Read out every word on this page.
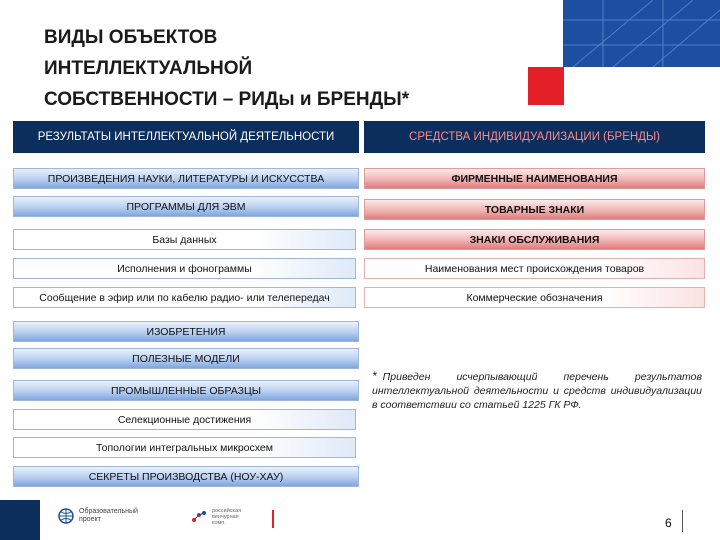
ВИДЫ ОБЪЕКТОВ
ИНТЕЛЛЕКТУАЛЬНОЙ
СОБСТВЕННОСТИ – РИДы и БРЕНДЫ*
РЕЗУЛЬТАТЫ ИНТЕЛЛЕКТУАЛЬНОЙ ДЕЯТЕЛЬНОСТИ	СРЕДСТВА ИНДИВИДУАЛИЗАЦИИ (БРЕНДЫ)
ПРОИЗВЕДЕНИЯ НАУКИ, ЛИТЕРАТУРЫ И ИСКУССТВА
ПРОГРАММЫ ДЛЯ ЭВМ
Базы данных
Исполнения и фонограммы
Сообщение в эфир или по кабелю радио- или телепередач
ИЗОБРЕТЕНИЯ
ПОЛЕЗНЫЕ МОДЕЛИ
ПРОМЫШЛЕННЫЕ ОБРАЗЦЫ
Селекционные достижения
Топологии интегральных микросхем
СЕКРЕТЫ ПРОИЗВОДСТВА (НОУ-ХАУ)
ФИРМЕННЫЕ НАИМЕНОВАНИЯ
ТОВАРНЫЕ ЗНАКИ
ЗНАКИ ОБСЛУЖИВАНИЯ
Наименования мест происхождения товаров
Коммерческие обозначения
* Приведен исчерпывающий перечень результатов интеллектуальной деятельности и средств индивидуализации в соответствии со статьей 1225 ГК РФ.
Образовательный
проект
российская
венчурная
комп.	6
